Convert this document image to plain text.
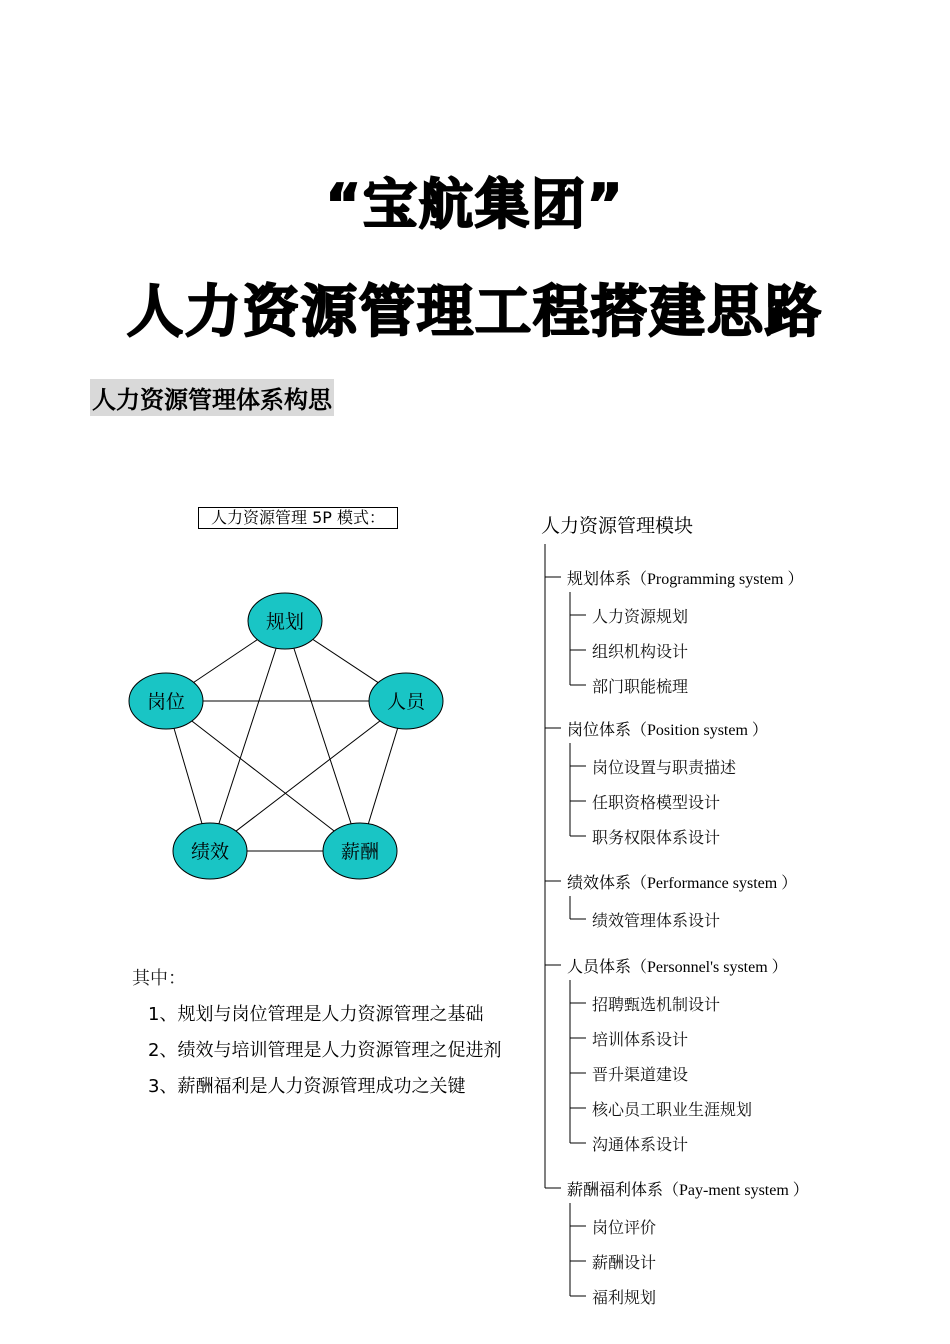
“宝航集团”
人力资源管理工程搭建思路
人力资源管理体系构思
人力资源管理 5P 模式：
规划
岗位	人员
绩效	薪酬
其中：
1、规划与岗位管理是人力资源管理之基础
2、绩效与培训管理是人力资源管理之促进剂
3、薪酬福利是人力资源管理成功之关键
人力资源管理模块
规划体系（Programming system ）
人力资源规划
组织机构设计
部门职能梳理
岗位体系（Position system ）
岗位设置与职责描述
任职资格模型设计
职务权限体系设计
绩效体系（Performance system ）
绩效管理体系设计
人员体系（Personnel's system ）
招聘甄选机制设计
培训体系设计
晋升渠道建设
核心员工职业生涯规划
沟通体系设计
薪酬福利体系（Pay-ment system ）
岗位评价
薪酬设计
福利规划
